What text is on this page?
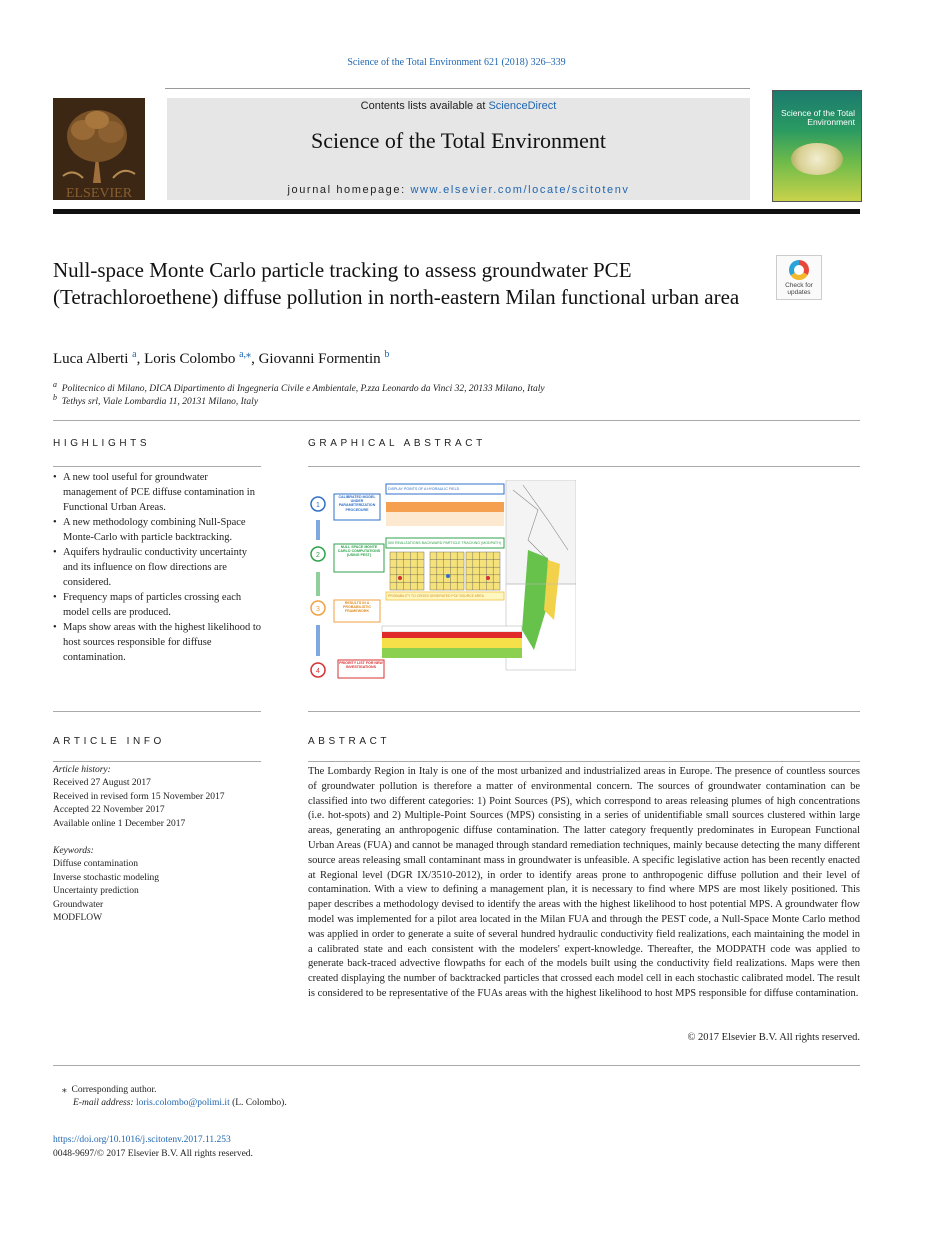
Science of the Total Environment 621 (2018) 326–339
ELSEVIER
Contents lists available at ScienceDirect
Science of the Total Environment
journal homepage: www.elsevier.com/locate/scitotenv
Science of the Total Environment
Null-space Monte Carlo particle tracking to assess groundwater PCE (Tetrachloroethene) diffuse pollution in north-eastern Milan functional urban area	Check for updates
Luca Alberti $^a$, Loris Colombo $^{a,⁎}$, Giovanni Formentin $^b$
$^a$ Politecnico di Milano, DICA Dipartimento di Ingegneria Civile e Ambientale, P.zza Leonardo da Vinci 32, 20133 Milano, Italy
$^b$ Tethys srl, Viale Lombardia 11, 20131 Milano, Italy
HIGHLIGHTS
• A new tool useful for groundwater management of PCE diffuse contamination in Functional Urban Areas.
• A new methodology combining Null-Space Monte-Carlo with particle backtracking.
• Aquifers hydraulic conductivity uncertainty and its influence on flow directions are considered.
• Frequency maps of particles crossing each model cells are produced.
• Maps show areas with the highest likelihood to host sources responsible for diffuse contamination.
GRAPHICAL ABSTRACT
1
CALIBRATED MODEL UNDER PARAMETERIZATION PROCEDURE
2
NULL SPACE MONTE CARLO COMPUTATIONS (USING PEST)
3
RESULTS IN A PROBABILISTIC FRAMEWORK
4
PRIORITY LIST FOR NEW INVESTIGATIONS
DISPLAY POINTS OF A HYDRAULIC FIELD
500 REALIZATIONS BACKWARD PARTICLE TRACKING (MODPATH)
PROBABILITY TO CROSS GENERATED PCE SOURCE AREA
ARTICLE INFO
Article history:
Received 27 August 2017
Received in revised form 15 November 2017
Accepted 22 November 2017
Available online 1 December 2017
Keywords:
Diffuse contamination
Inverse stochastic modeling
Uncertainty prediction
Groundwater
MODFLOW
ABSTRACT
The Lombardy Region in Italy is one of the most urbanized and industrialized areas in Europe. The presence of countless sources of groundwater pollution is therefore a matter of environmental concern. The sources of groundwater contamination can be classified into two different categories: 1) Point Sources (PS), which correspond to areas releasing plumes of high concentrations (i.e. hot-spots) and 2) Multiple-Point Sources (MPS) consisting in a series of unidentifiable small sources clustered within large areas, generating an anthropogenic diffuse contamination. The latter category frequently predominates in European Functional Urban Areas (FUA) and cannot be managed through standard remediation techniques, mainly because detecting the many different source areas releasing small contaminant mass in groundwater is unfeasible. A specific legislative action has been recently enacted at Regional level (DGR IX/3510-2012), in order to identify areas prone to anthropogenic diffuse pollution and their level of contamination. With a view to defining a management plan, it is necessary to find where MPS are most likely positioned. This paper describes a methodology devised to identify the areas with the highest likelihood to host potential MPS. A groundwater flow model was implemented for a pilot area located in the Milan FUA and through the PEST code, a Null-Space Monte Carlo method was applied in order to generate a suite of several hundred hydraulic conductivity field realizations, each maintaining the model in a calibrated state and each consistent with the modelers' expert-knowledge. Thereafter, the MODPATH code was applied to generate back-traced advective flowpaths for each of the models built using the conductivity field realizations. Maps were then created displaying the number of backtracked particles that crossed each model cell in each stochastic calibrated model. The result is considered to be representative of the FUAs areas with the highest likelihood to host MPS responsible for diffuse contamination.
© 2017 Elsevier B.V. All rights reserved.
⁎ Corresponding author.
E-mail address: loris.colombo@polimi.it (L. Colombo).
https://doi.org/10.1016/j.scitotenv.2017.11.253
0048-9697/© 2017 Elsevier B.V. All rights reserved.
